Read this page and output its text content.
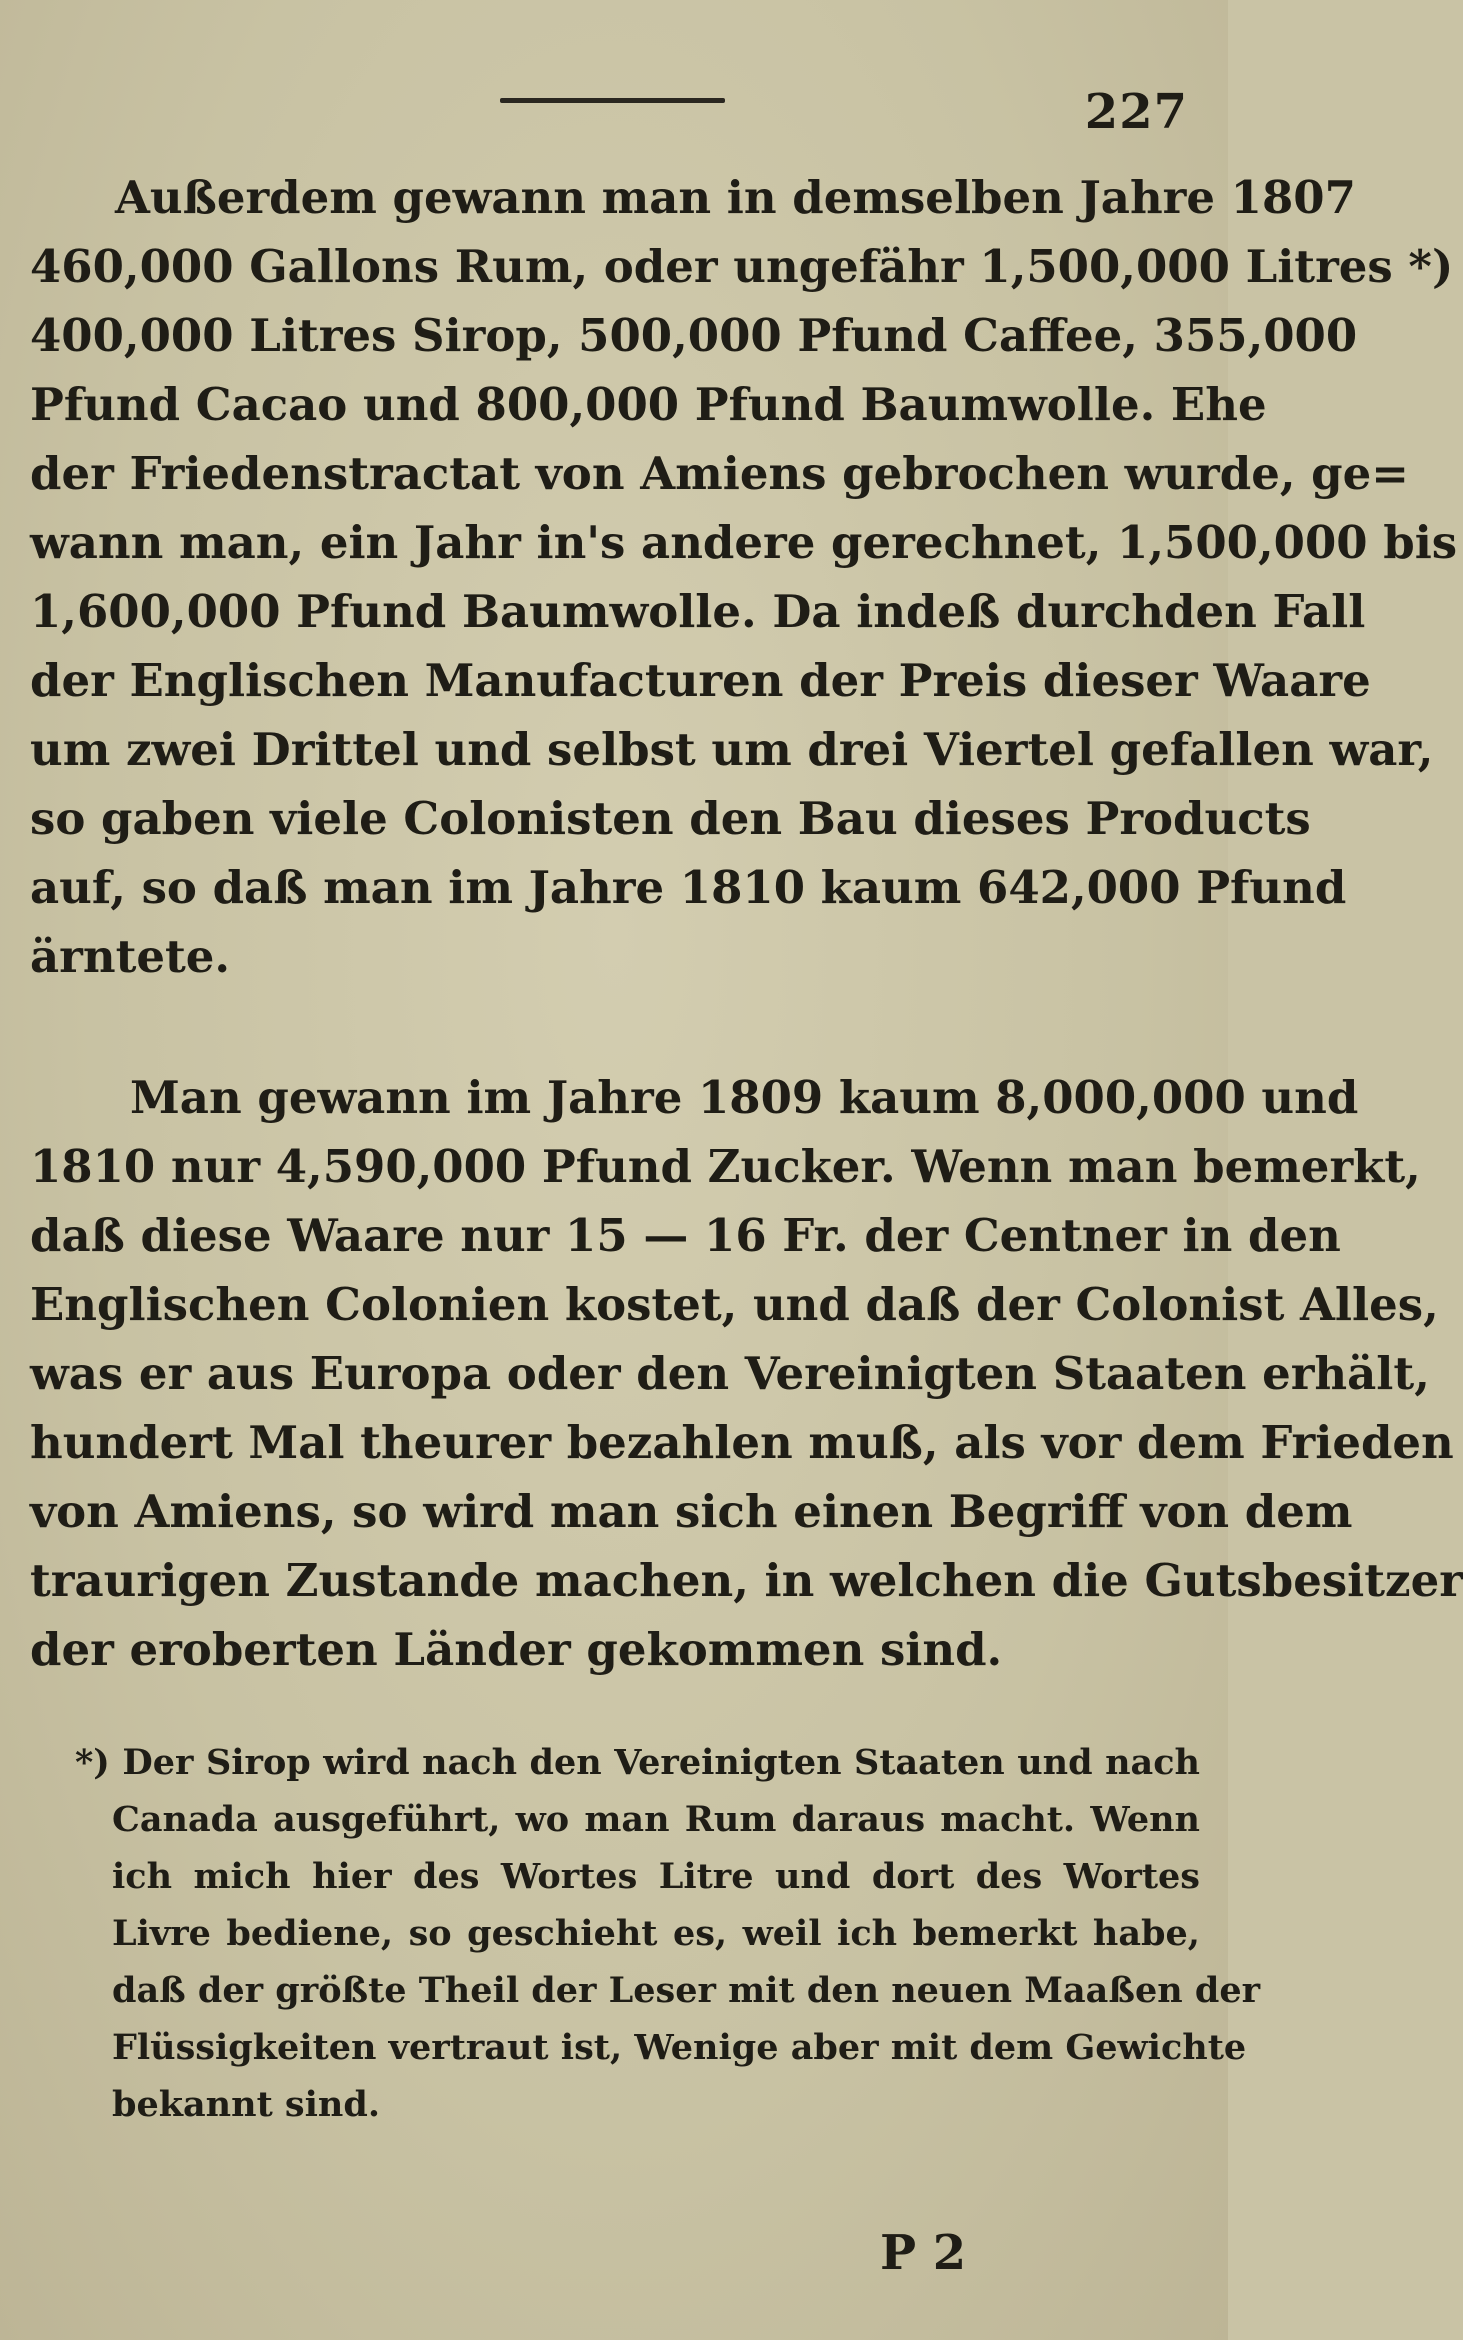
227
Außerdem gewann man in demselben Jahre 1807
460,000 Gallons Rum, oder ungefähr 1,500,000 Litres *)
400,000 Litres Sirop, 500,000 Pfund Caffee, 355,000
Pfund Cacao und 800,000 Pfund Baumwolle. Ehe
der Friedenstractat von Amiens gebrochen wurde, ge=
wann man, ein Jahr in's andere gerechnet, 1,500,000 bis
1,600,000 Pfund Baumwolle. Da indeß durchden Fall
der Englischen Manufacturen der Preis dieser Waare
um zwei Drittel und selbst um drei Viertel gefallen war,
so gaben viele Colonisten den Bau dieses Products
auf, so daß man im Jahre 1810 kaum 642,000 Pfund
ärntete.
Man gewann im Jahre 1809 kaum 8,000,000 und
1810 nur 4,590,000 Pfund Zucker. Wenn man bemerkt,
daß diese Waare nur 15 — 16 Fr. der Centner in den
Englischen Colonien kostet, und daß der Colonist Alles,
was er aus Europa oder den Vereinigten Staaten erhält,
hundert Mal theurer bezahlen muß, als vor dem Frieden
von Amiens, so wird man sich einen Begriff von dem
traurigen Zustande machen, in welchen die Gutsbesitzer
der eroberten Länder gekommen sind.
*) Der Sirop wird nach den Vereinigten Staaten und nach
Canada ausgeführt, wo man Rum daraus macht. Wenn
ich mich hier des Wortes Litre und dort des Wortes
Livre bediene, so geschieht es, weil ich bemerkt habe,
daß der größte Theil der Leser mit den neuen Maaßen der
Flüssigkeiten vertraut ist, Wenige aber mit dem Gewichte
bekannt sind.
P 2
